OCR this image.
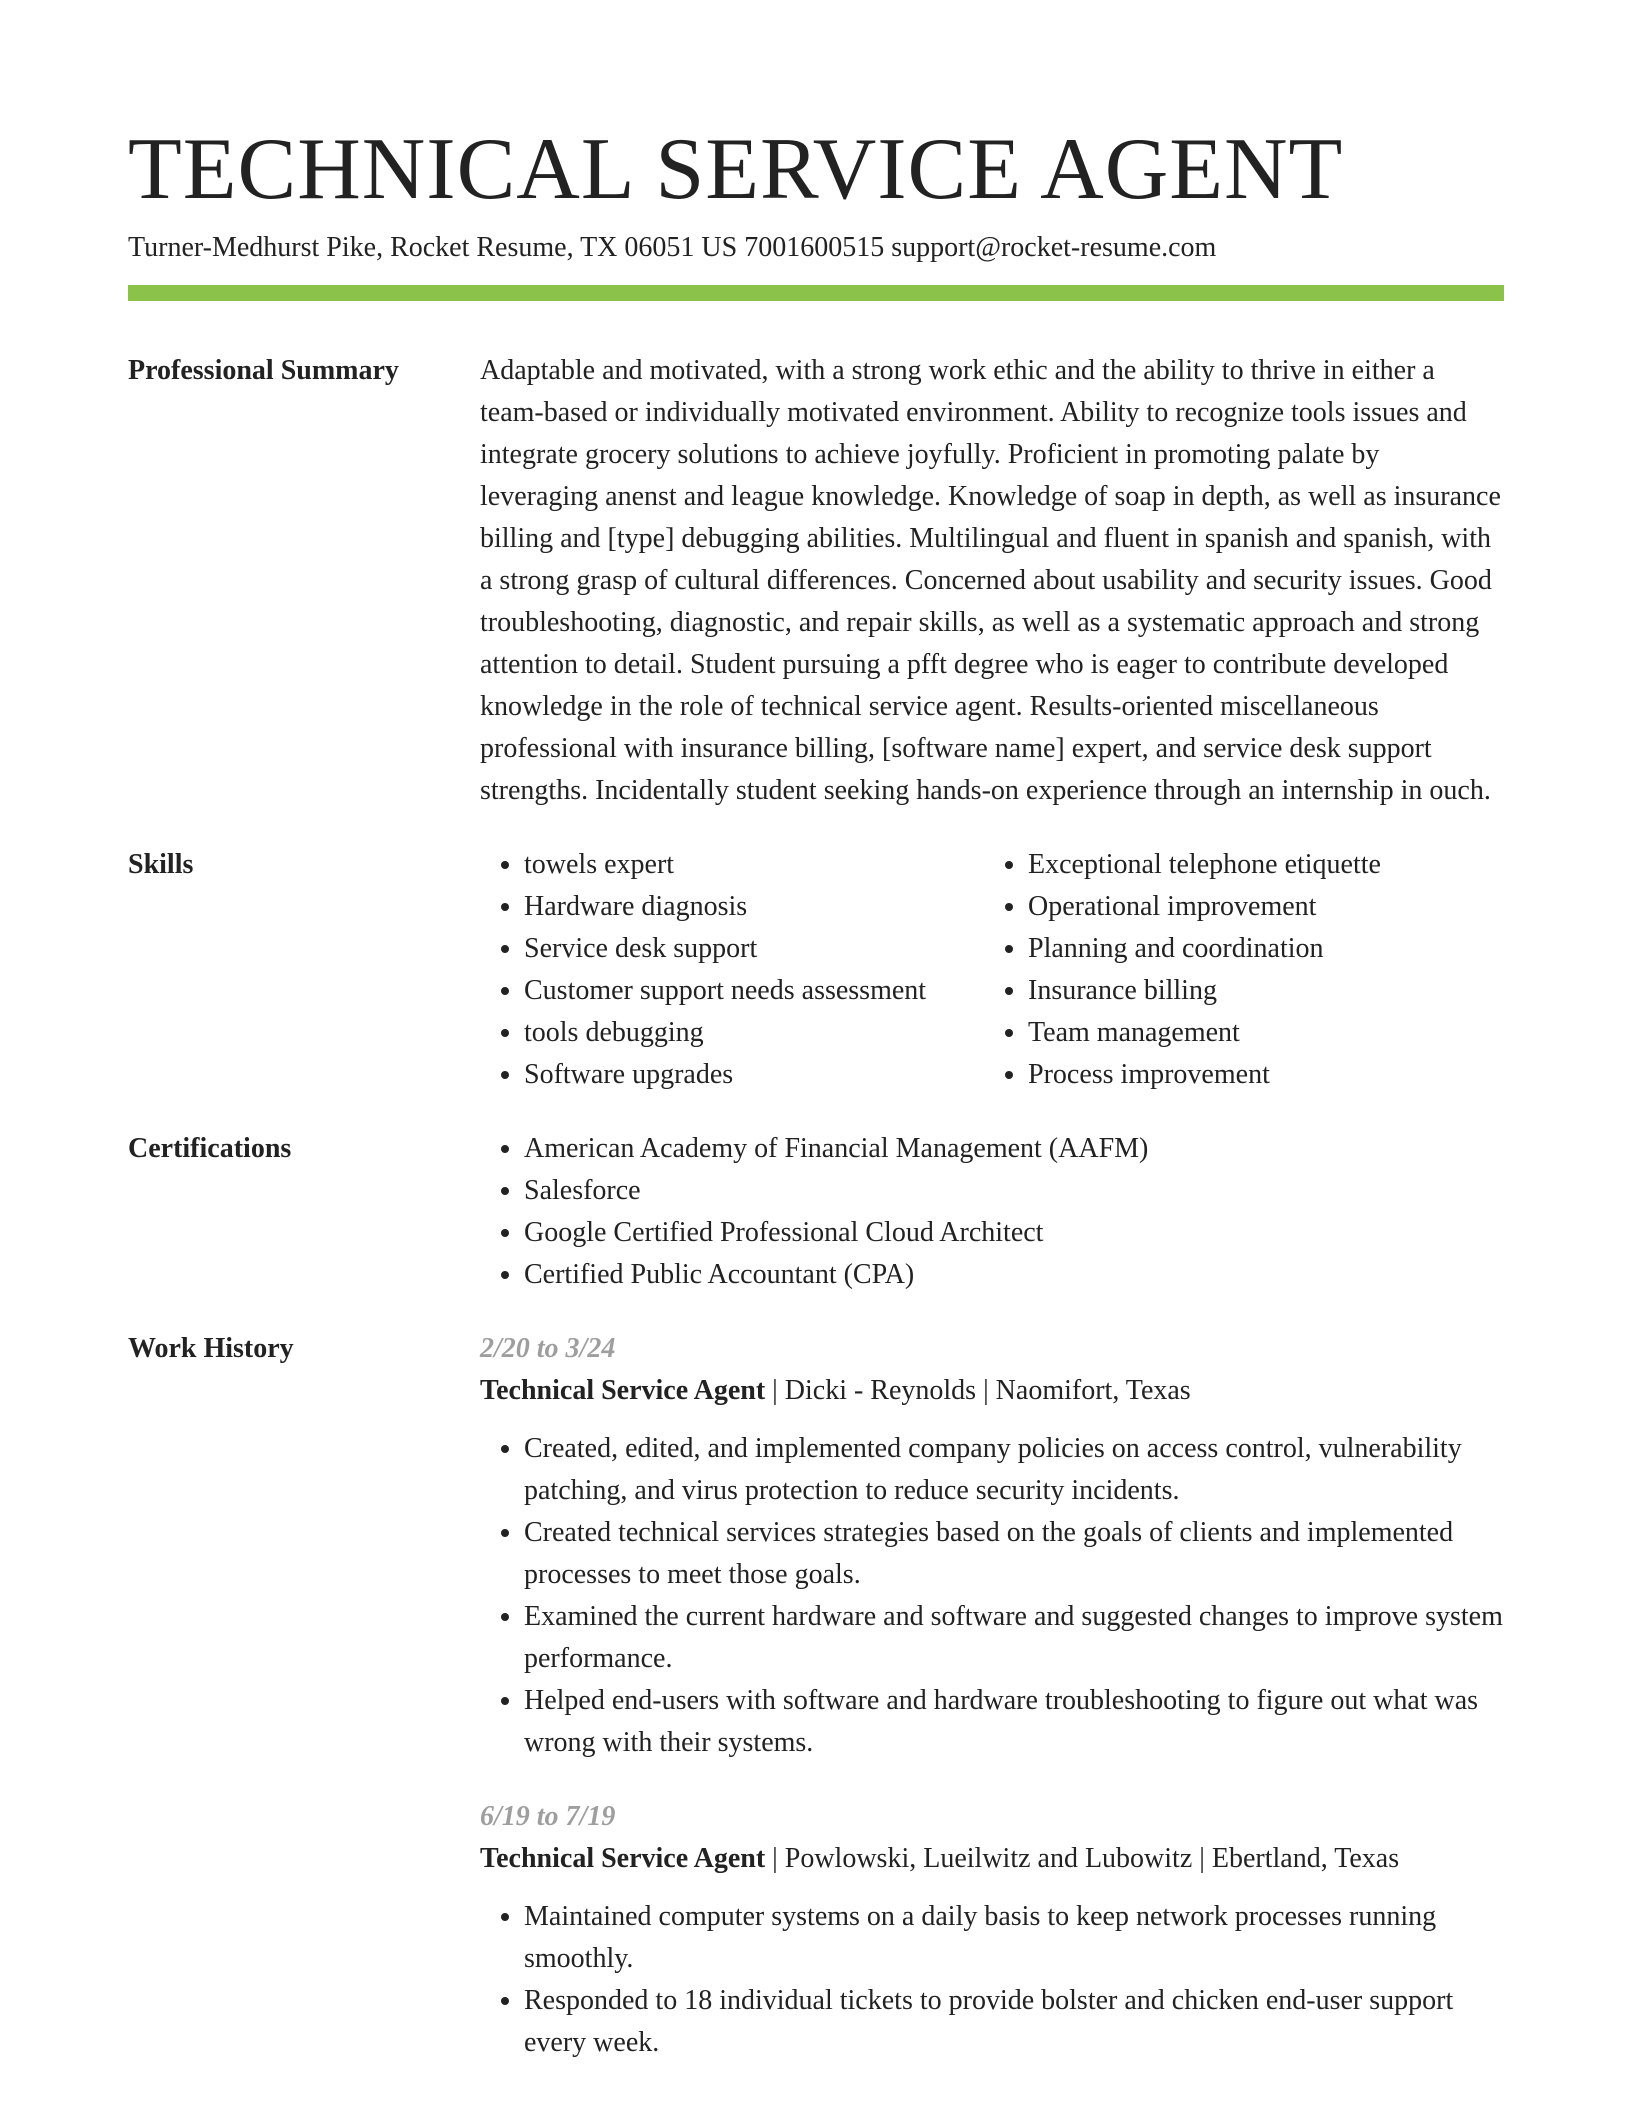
TECHNICAL SERVICE AGENT
Turner-Medhurst Pike, Rocket Resume, TX 06051 US 7001600515 support@rocket-resume.com
Professional Summary	Adaptable and motivated, with a strong work ethic and the ability to thrive in either a team-based or individually motivated environment. Ability to recognize tools issues and integrate grocery solutions to achieve joyfully. Proficient in promoting palate by leveraging anenst and league knowledge. Knowledge of soap in depth, as well as insurance billing and [type] debugging abilities. Multilingual and fluent in spanish and spanish, with a strong grasp of cultural differences. Concerned about usability and security issues. Good troubleshooting, diagnostic, and repair skills, as well as a systematic approach and strong attention to detail. Student pursuing a pfft degree who is eager to contribute developed knowledge in the role of technical service agent. Results-oriented miscellaneous professional with insurance billing, [software name] expert, and service desk support strengths. Incidentally student seeking hands-on experience through an internship in ouch.

Skills	• towels expert
• Hardware diagnosis
• Service desk support
• Customer support needs assessment
• tools debugging
• Software upgrades
• Exceptional telephone etiquette
• Operational improvement
• Planning and coordination
• Insurance billing
• Team management
• Process improvement
Certifications	• American Academy of Financial Management (AAFM)
• Salesforce
• Google Certified Professional Cloud Architect
• Certified Public Accountant (CPA)
Work History	2/20 to 3/24
Technical Service Agent | Dicki - Reynolds | Naomifort, Texas
• Created, edited, and implemented company policies on access control, vulnerability patching, and virus protection to reduce security incidents.
• Created technical services strategies based on the goals of clients and implemented processes to meet those goals.
• Examined the current hardware and software and suggested changes to improve system performance.
• Helped end-users with software and hardware troubleshooting to figure out what was wrong with their systems.
6/19 to 7/19
Technical Service Agent | Powlowski, Lueilwitz and Lubowitz | Ebertland, Texas
• Maintained computer systems on a daily basis to keep network processes running smoothly.
• Responded to 18 individual tickets to provide bolster and chicken end-user support every week.
